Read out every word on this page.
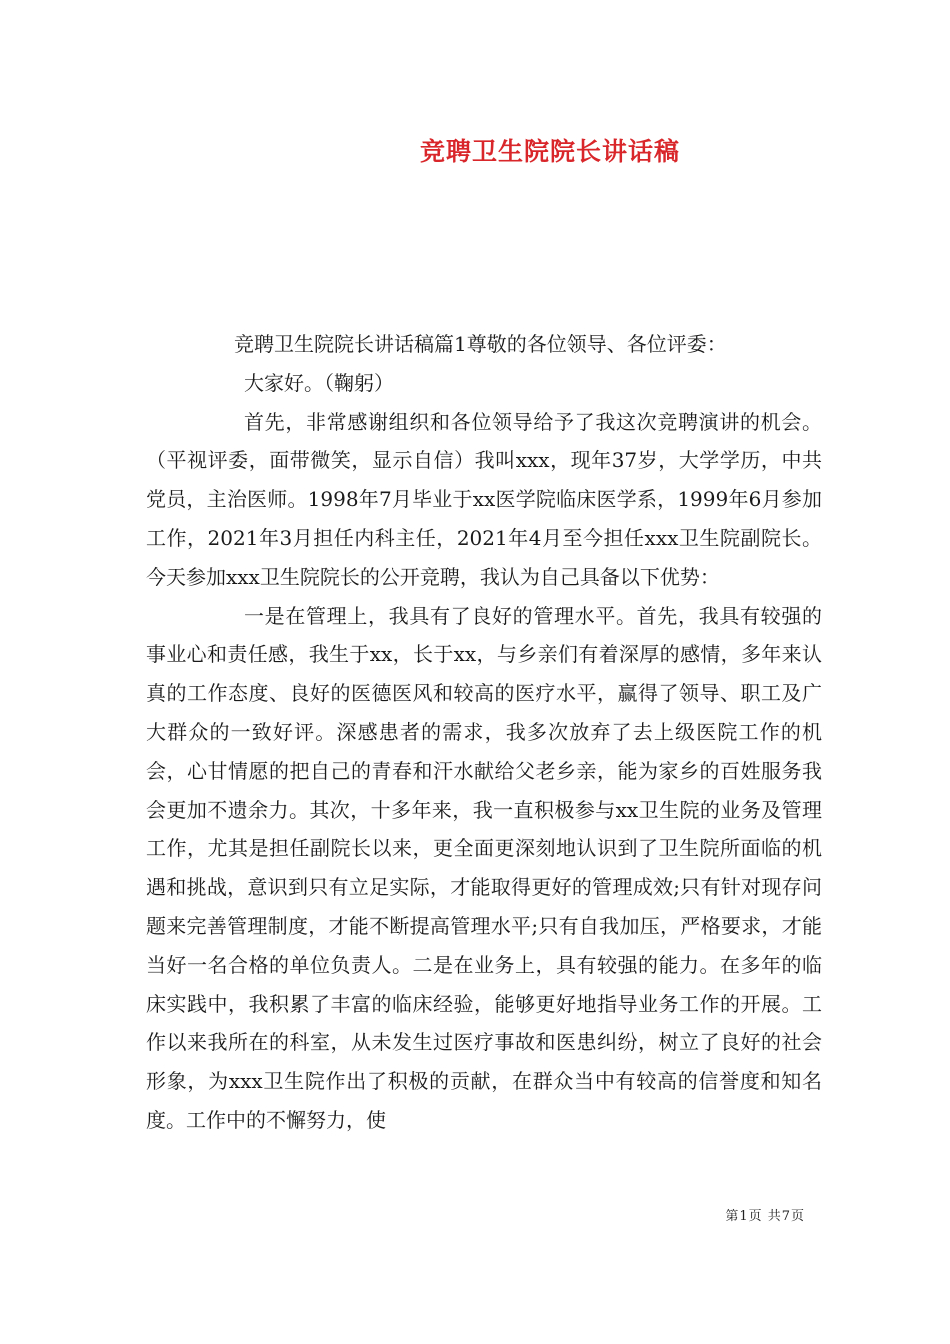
竞聘卫生院院长讲话稿

竞聘卫生院院长讲话稿篇1尊敬的各位领导、各位评委：

大家好。（鞠躬）

首先，非常感谢组织和各位领导给予了我这次竞聘演讲的机会。（平视评委，面带微笑，显示自信）我叫xxx，现年37岁，大学学历，中共党员，主治医师。1998年7月毕业于xx医学院临床医学系，1999年6月参加工作，2021年3月担任内科主任，2021年4月至今担任xxx卫生院副院长。今天参加xxx卫生院院长的公开竞聘，我认为自己具备以下优势：

一是在管理上，我具有了良好的管理水平。首先，我具有较强的事业心和责任感，我生于xx，长于xx，与乡亲们有着深厚的感情，多年来认真的工作态度、良好的医德医风和较高的医疗水平，赢得了领导、职工及广大群众的一致好评。深感患者的需求，我多次放弃了去上级医院工作的机会，心甘情愿的把自己的青春和汗水献给父老乡亲，能为家乡的百姓服务我会更加不遗余力。其次，十多年来，我一直积极参与xx卫生院的业务及管理工作，尤其是担任副院长以来，更全面更深刻地认识到了卫生院所面临的机遇和挑战，意识到只有立足实际，才能取得更好的管理成效;只有针对现存问题来完善管理制度，才能不断提高管理水平;只有自我加压，严格要求，才能当好一名合格的单位负责人。二是在业务上，具有较强的能力。在多年的临床实践中，我积累了丰富的临床经验，能够更好地指导业务工作的开展。工作以来我所在的科室，从未发生过医疗事故和医患纠纷，树立了良好的社会形象，为xxx卫生院作出了积极的贡献，在群众当中有较高的信誉度和知名度。工作中的不懈努力，使

第1页 共7页
